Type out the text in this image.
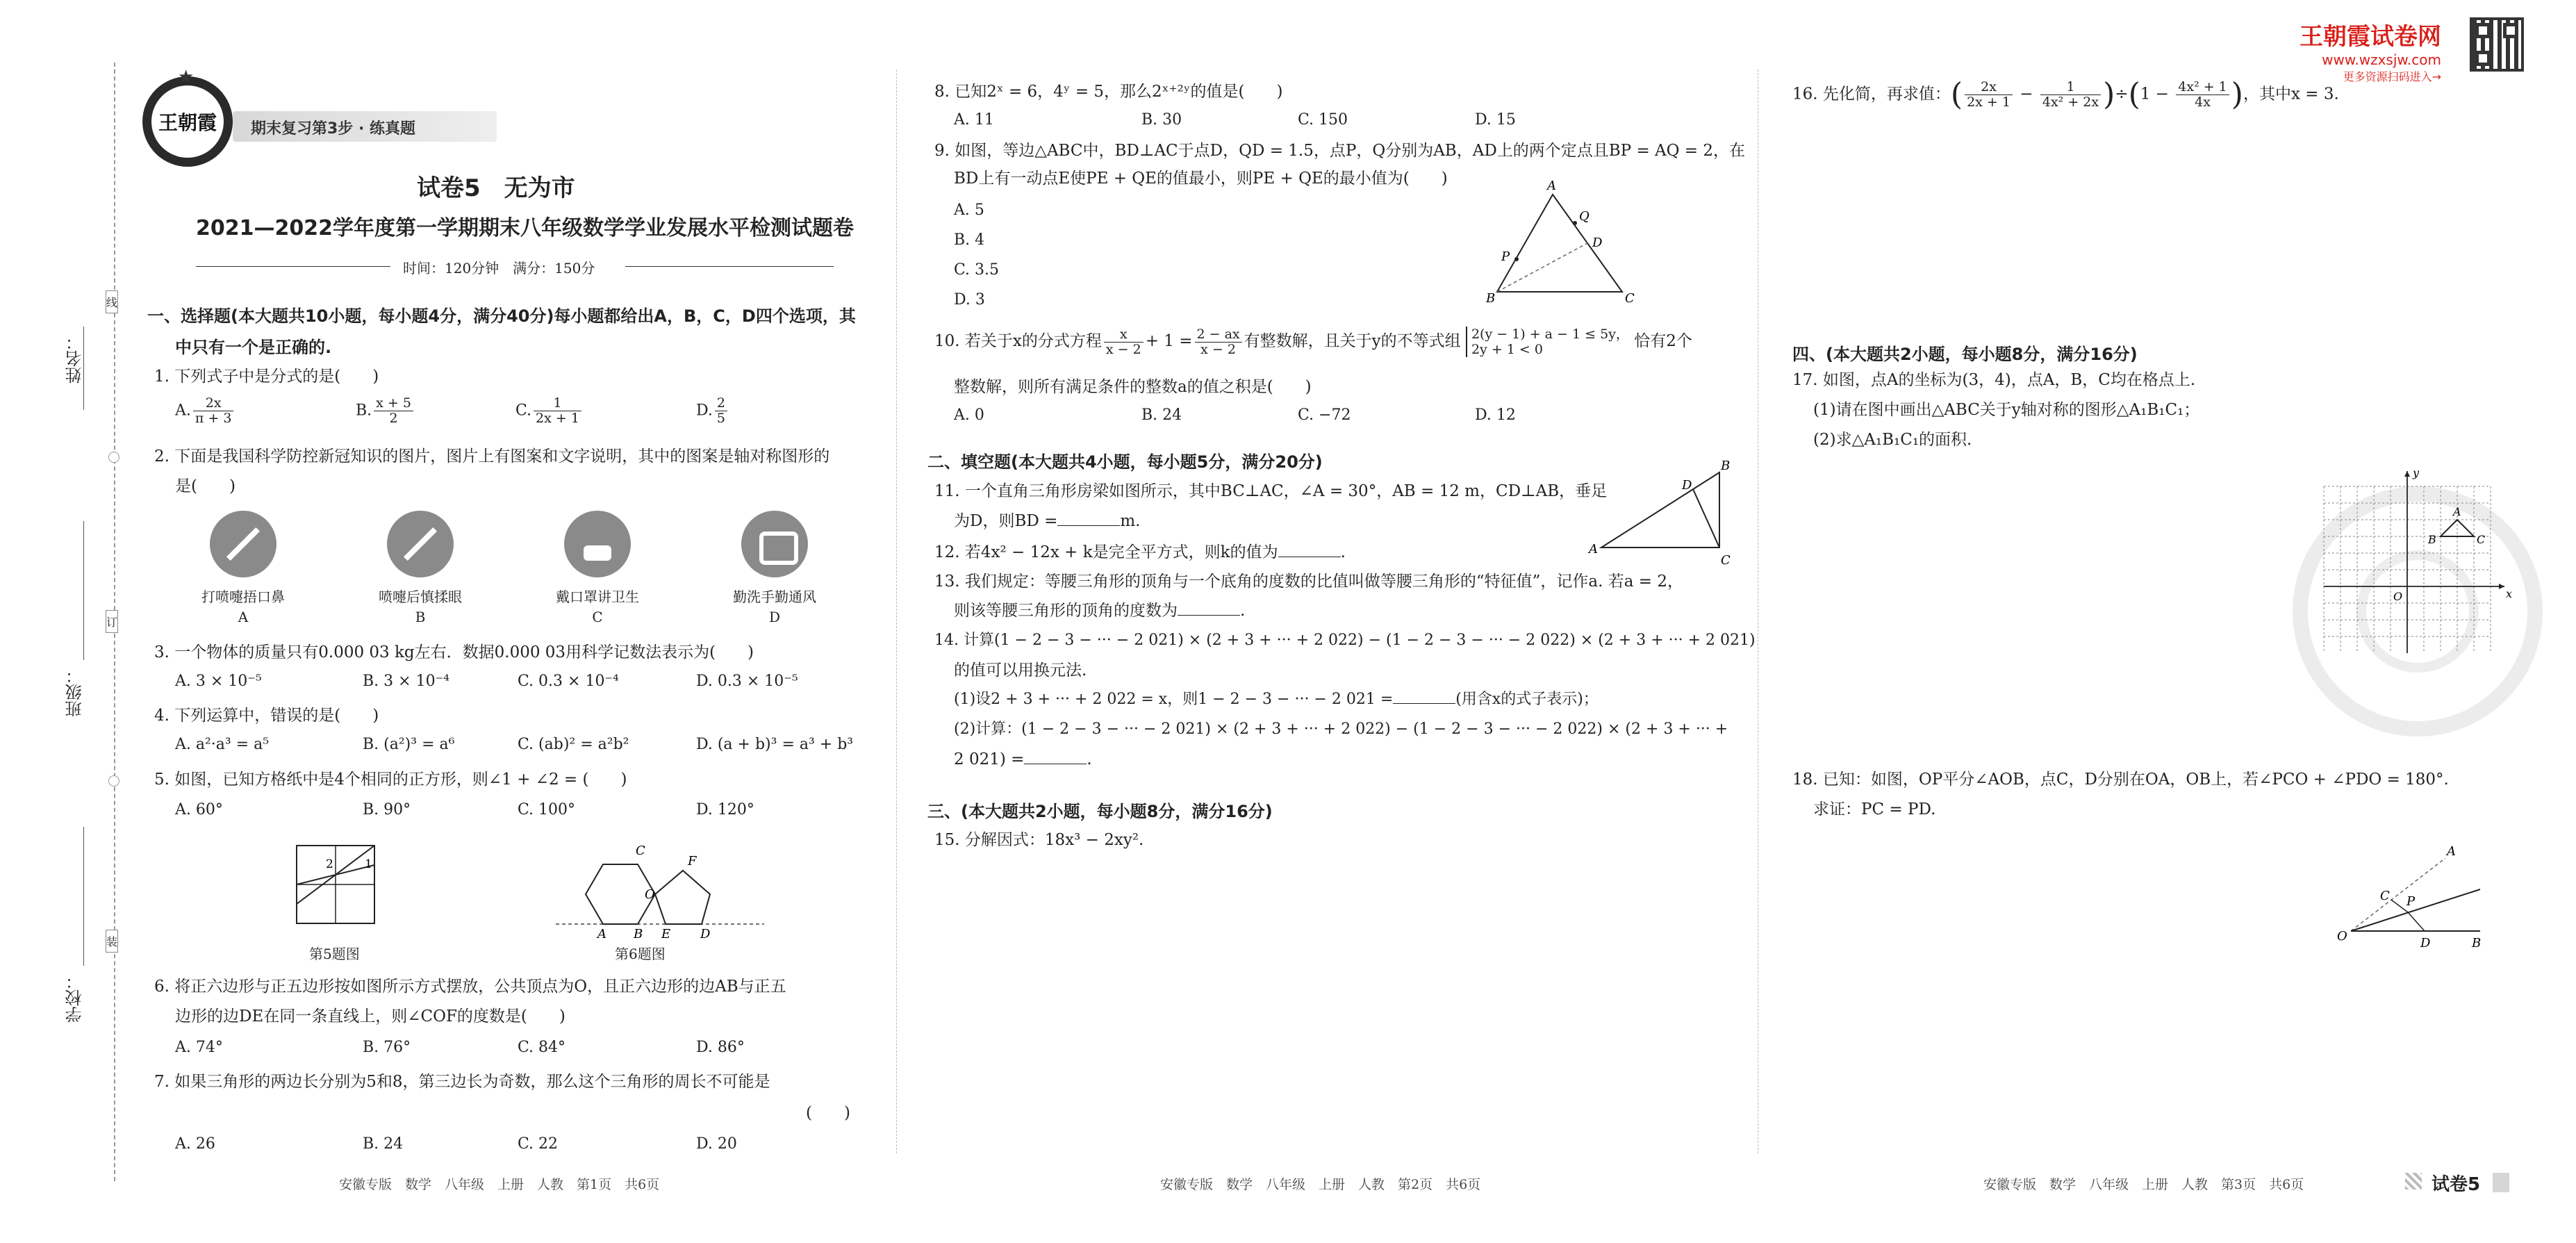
线
订
装
姓名：
班级：
学校：
王朝霞
★
期末复习第3步 · 练真题
试卷5　无为市
2021—2022学年度第一学期期末八年级数学学业发展水平检测试题卷
时间：120分钟　满分：150分
一、选择题(本大题共10小题，每小题4分，满分40分)每小题都给出A，B，C，D四个选项，其
中只有一个是正确的.
1. 下列式子中是分式的是(　　)
A. $\frac{2x}{\pi + 3}$	B. $\frac{x + 5}{2}$	C. $\frac{1}{2x + 1}$	D. $\frac{2}{5}$
2. 下面是我国科学防控新冠知识的图片，图片上有图案和文字说明，其中的图案是轴对称图形的
是(　　)
打喷嚏捂口鼻
A
喷嚏后慎揉眼
B
戴口罩讲卫生
C
勤洗手勤通风
D
3. 一个物体的质量只有0.000 03 kg左右．数据0.000 03用科学记数法表示为(　　)
A. 3 × 10⁻⁵	B. 3 × 10⁻⁴	C. 0.3 × 10⁻⁴	D. 0.3 × 10⁻⁵
4. 下列运算中，错误的是(　　)
A. a²·a³ = a⁵	B. (a²)³ = a⁶	C. (ab)² = a²b²	D. (a + b)³ = a³ + b³
5. 如图，已知方格纸中是4个相同的正方形，则∠1 + ∠2 = (　　)
A. 60°	B. 90°	C. 100°	D. 120°
2	1
第5题图
C
F
O
A B E D
第6题图
6. 将正六边形与正五边形按如图所示方式摆放，公共顶点为O，且正六边形的边AB与正五
边形的边DE在同一条直线上，则∠COF的度数是(　　)
A. 74°	B. 76°	C. 84°	D. 86°
7. 如果三角形的两边长分别为5和8，第三边长为奇数，那么这个三角形的周长不可能是
(　　)
A. 26	B. 24	C. 22	D. 20
安徽专版　数学　八年级　上册　人教　第1页　共6页
8. 已知2ˣ = 6，4ʸ = 5，那么2ˣ⁺²ʸ的值是(　　)
A. 11	B. 30	C. 150	D. 15
9. 如图，等边△ABC中，BD⊥AC于点D，QD = 1.5，点P，Q分别为AB，AD上的两个定点且BP = AQ = 2，在
BD上有一动点E使PE + QE的值最小，则PE + QE的最小值为(　　)
A. 5
B. 4
C. 3.5
D. 3
A
Q
D
P
B	C
10. 若关于x的分式方程 $\frac{x}{x - 2} + 1 = \frac{2 - ax}{x - 2}$ 有整数解，且关于y的不等式组 2(y − 1) + a − 1 ≤ 5y，
2y + 1 < 0	恰有2个
整数解，则所有满足条件的整数a的值之积是(　　)
A. 0	B. 24	C. −72	D. 12
二、填空题(本大题共4小题，每小题5分，满分20分)
11. 一个直角三角形房梁如图所示，其中BC⊥AC，∠A = 30°，AB = 12 m，CD⊥AB，垂足
为D，则BD =	m.
A
B
C
D
12. 若4x² − 12x + k是完全平方式，则k的值为	.
13. 我们规定：等腰三角形的顶角与一个底角的度数的比值叫做等腰三角形的“特征值”，记作a. 若a = 2，
则该等腰三角形的顶角的度数为	.
14. 计算(1 − 2 − 3 − ··· − 2 021) × (2 + 3 + ··· + 2 022) − (1 − 2 − 3 − ··· − 2 022) × (2 + 3 + ··· + 2 021)
的值可以用换元法.
(1)设2 + 3 + ··· + 2 022 = x，则1 − 2 − 3 − ··· − 2 021 =	(用含x的式子表示)；
(2)计算：(1 − 2 − 3 − ··· − 2 021) × (2 + 3 + ··· + 2 022) − (1 − 2 − 3 − ··· − 2 022) × (2 + 3 + ··· +
2 021) =	.
三、(本大题共2小题，每小题8分，满分16分)
15. 分解因式：18x³ − 2xy².
安徽专版　数学　八年级　上册　人教　第2页　共6页
王朝霞试卷网
www.wzxsjw.com
更多资源扫码进入→
16. 先化简，再求值：( $\frac{2x}{2x + 1} - \frac{1}{\text{4x² + 2x}} )\div(1 - \frac{\text{4x² + 1}}{4x}$ )，其中x = 3.
四、(本大题共2小题，每小题8分，满分16分)
17. 如图，点A的坐标为(3，4)，点A，B，C均在格点上.
(1)请在图中画出△ABC关于y轴对称的图形△A₁B₁C₁；
(2)求△A₁B₁C₁的面积.
y
x
O
A
B	C
18. 已知：如图，OP平分∠AOB，点C，D分别在OA，OB上，若∠PCO + ∠PDO = 180°.
求证：PC = PD.
A
C P
O	D	B
安徽专版　数学　八年级　上册　人教　第3页　共6页	试卷5
